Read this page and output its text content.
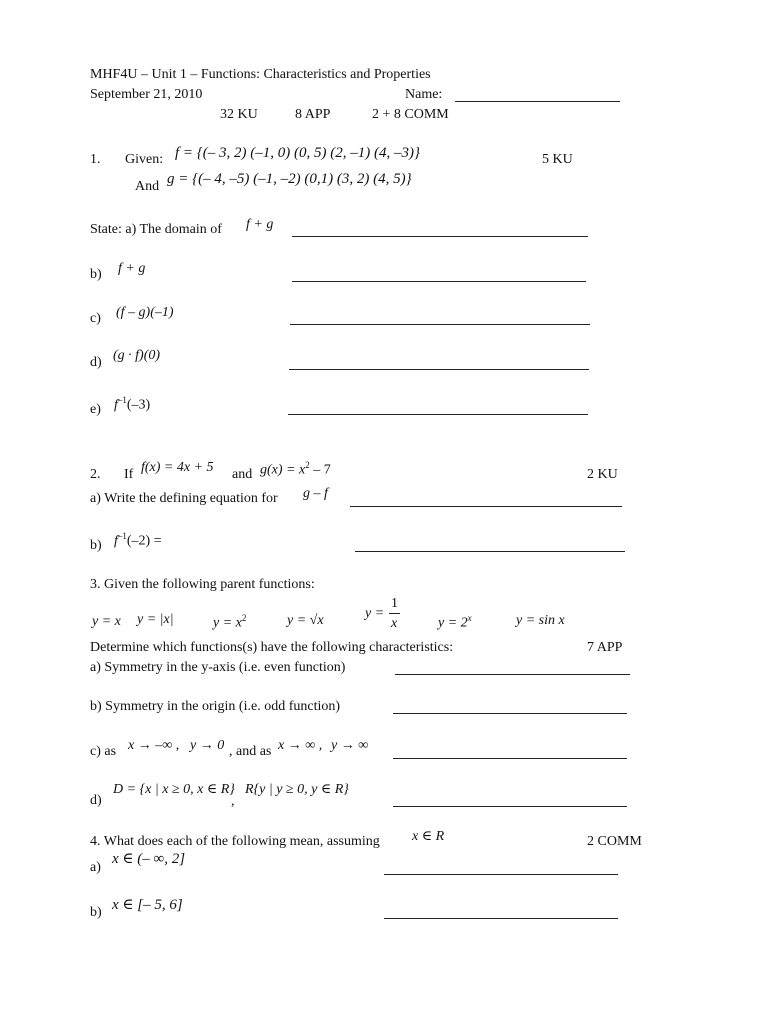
MHF4U – Unit 1 – Functions: Characteristics and Properties
September 21, 2010	Name:
32 KU	8 APP	2 + 8 COMM
1. Given: f = {(– 3, 2) (–1, 0) (0, 5) (2, –1) (4, –3)}	5 KU
And g = {(– 4, –5) (–1, –2) (0,1) (3, 2) (4, 5)}
State: a) The domain of f + g
b) f + g
c) (f – g)(–1)
d) (g · f)(0)
e) $f^{-1}(-3)$
2. If f(x) = 4x + 5 and $g(x) = x^2 - 7$	2 KU
a) Write the defining equation for g – f
b) $f^{-1}(-2)$ =
3. Given the following parent functions:
y = x y = |x|	$y = x^2$	y = √x	y =
1
x	$y = 2^x$	y = sin x
Determine which functions(s) have the following characteristics:	7 APP
a) Symmetry in the y-axis (i.e. even function)
b) Symmetry in the origin (i.e. odd function)
c) as x → –∞ , y → 0 , and as x → ∞ , y → ∞
d)
D = {x | x ≥ 0, x ∈ R}
,
R{y | y ≥ 0, y ∈ R}
4. What does each of the following mean, assuming x ∈ R	2 COMM
a)
x ∈ (– ∞, 2]
b) x ∈ [– 5, 6]
